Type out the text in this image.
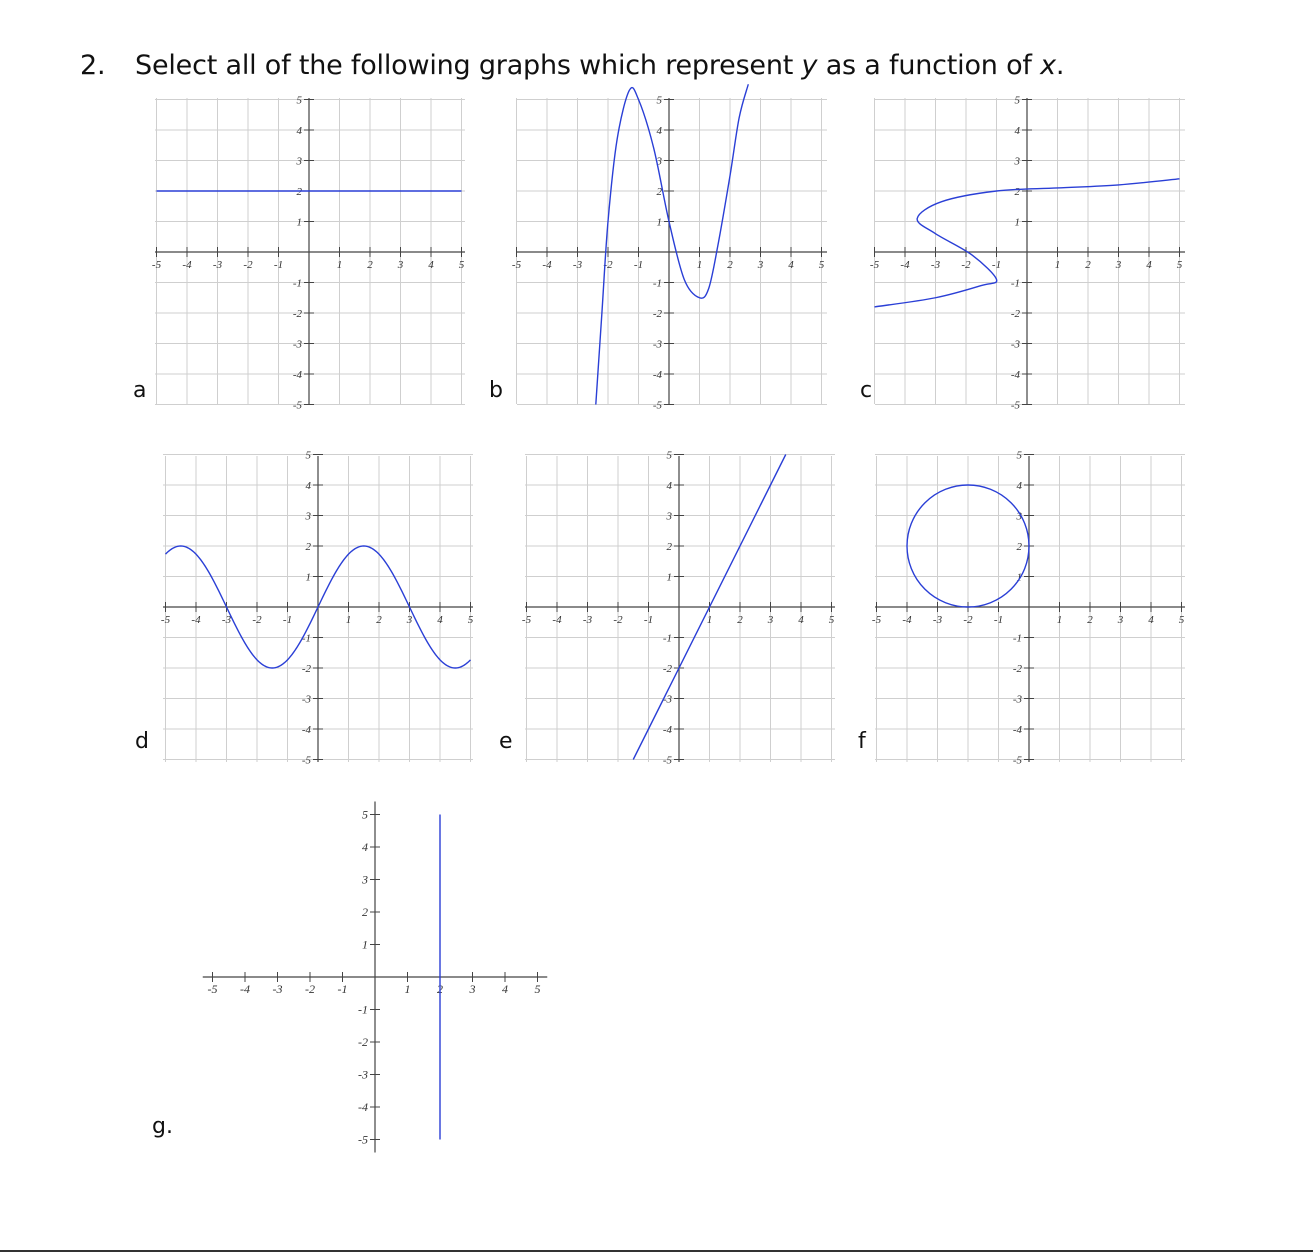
2. Select all of the following graphs which represent y as a function of x.
-5 -4 -3 -2 -1	1 2 3 4 5
5
4
3
2
1
-1
-2
-3
-4
-5
a
-5 -4 -3 -2 -1	1 2 3 4 5
5
4
3
2
1
-1
-2
-3
-4
-5
b
-5 -4 -3 -2 -1	1 2 3 4 5
5
4
3
2
1
-1
-2
-3
-4
-5
c
-5 -4 -3 -2 -1	1 2 3 4 5
5
4
3
2
1
-1
-2
-3
-4
-5
d
-5 -4 -3 -2 -1	1 2 3 4 5
5
4
3
2
1
-1
-2
-3
-4
-5
e
-5 -4 -3 -2 -1	1 2 3 4 5
5
4
3
2
1
-1
-2
-3
-4
-5
f
-5 -4 -3 -2 -1	1 2 3 4 5
5
4
3
2
1
-1
-2
-3
-4
-5
g.
